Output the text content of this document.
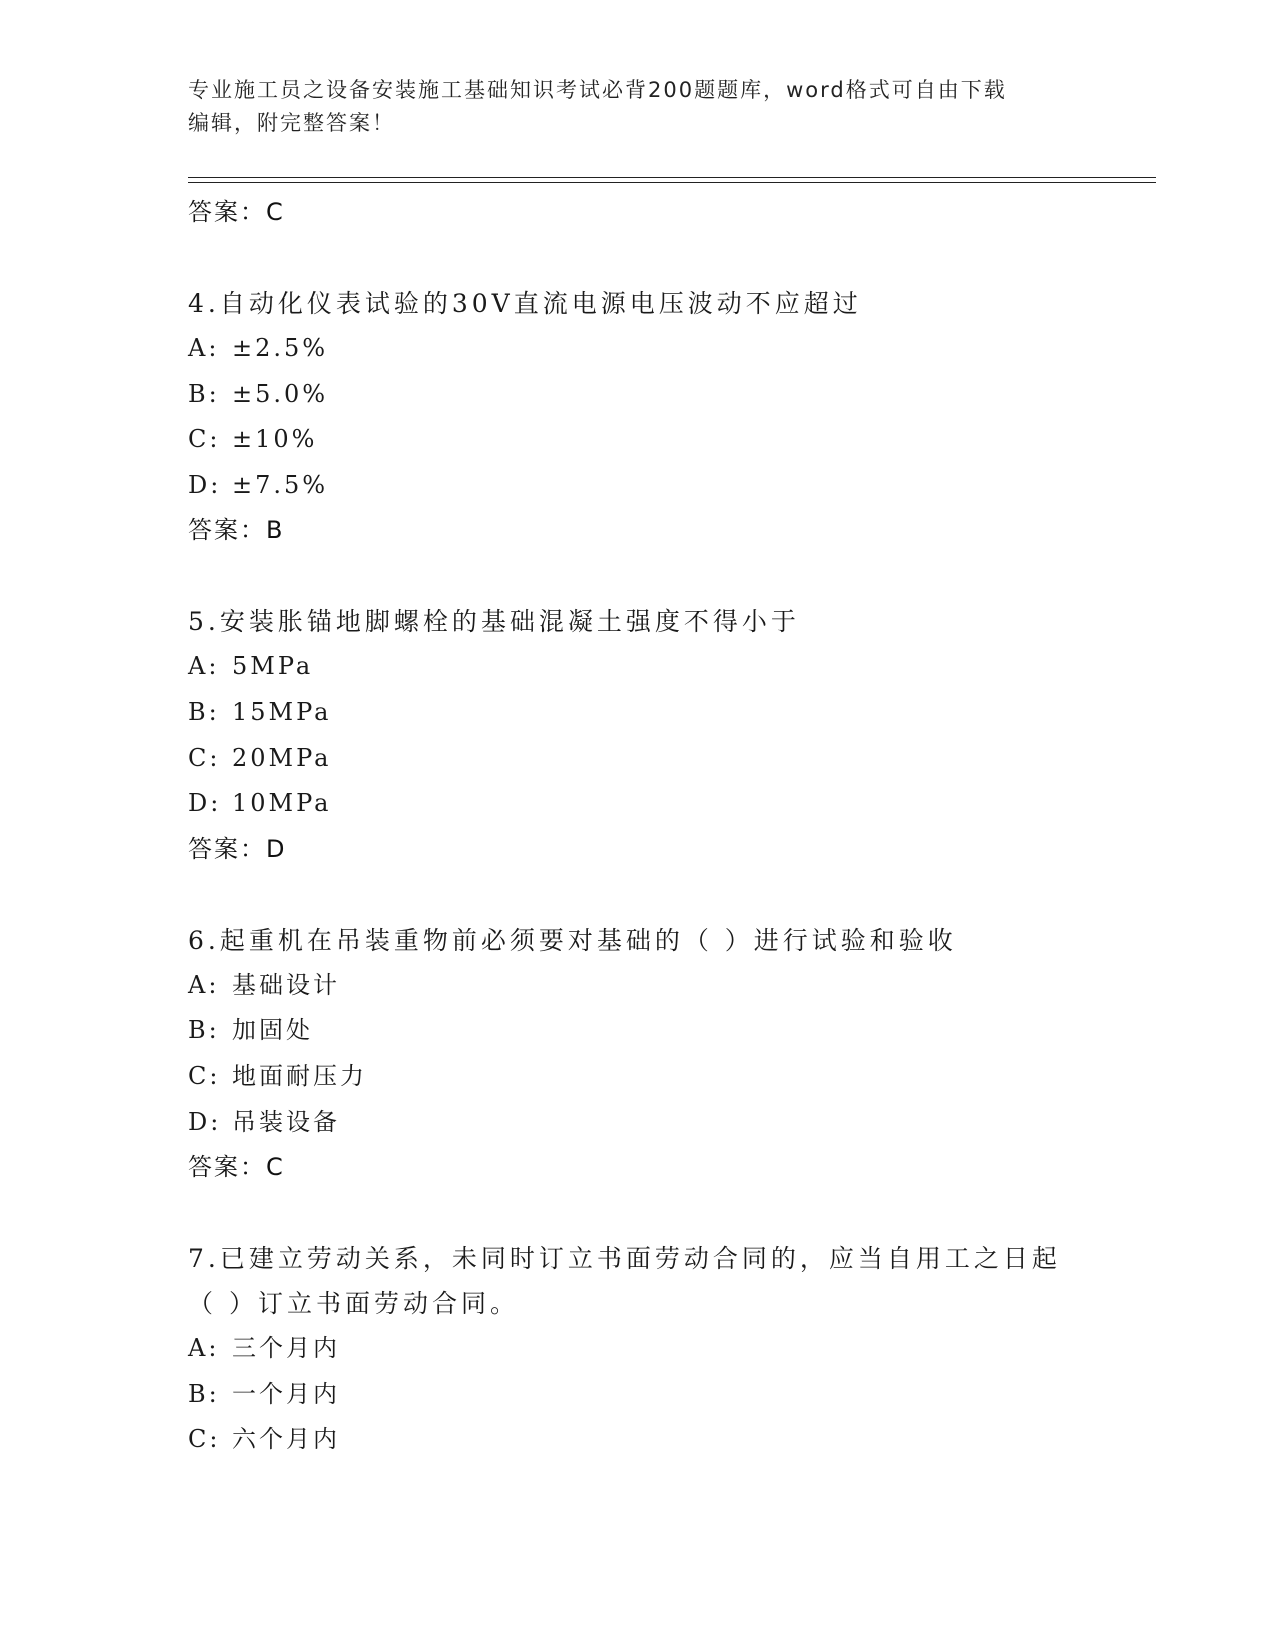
专业施工员之设备安装施工基础知识考试必背200题题库，word格式可自由下载
编辑，附完整答案！
答案：C
4.自动化仪表试验的30V直流电源电压波动不应超过
A: ±2.5%
B: ±5.0%
C: ±10%
D: ±7.5%
答案：B
5.安装胀锚地脚螺栓的基础混凝土强度不得小于
A: 5MPa
B: 15MPa
C: 20MPa
D: 10MPa
答案：D
6.起重机在吊装重物前必须要对基础的（ ）进行试验和验收
A: 基础设计
B: 加固处
C: 地面耐压力
D: 吊装设备
答案：C
7.已建立劳动关系，未同时订立书面劳动合同的，应当自用工之日起
（ ）订立书面劳动合同。
A: 三个月内
B: 一个月内
C: 六个月内
